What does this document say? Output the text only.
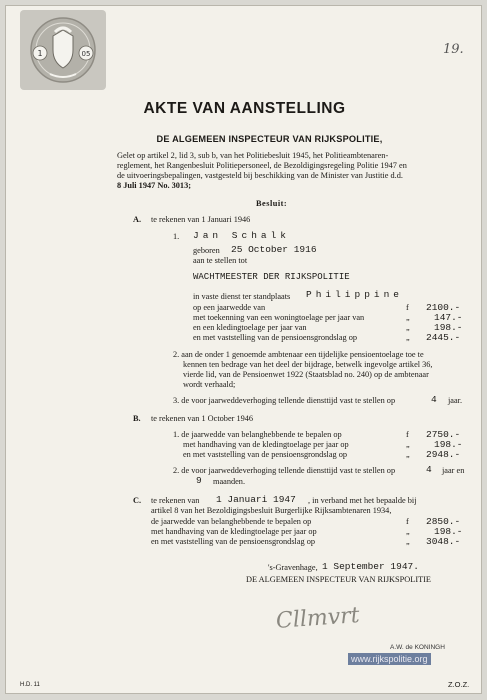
1	05	19.
AKTE VAN AANSTELLING
DE ALGEMEEN INSPECTEUR VAN RIJKSPOLITIE,
Gelet op artikel 2, lid 3, sub b, van het Politiebesluit 1945, het Politieambtenaren-
reglement, het Rangenbesluit Politiepersoneel, de Bezoldigingsregeling Politie 1947 en
de uitvoeringsbepalingen, vastgesteld bij beschikking van de Minister van Justitie d.d.
8 Juli 1947 No. 3013;
Besluit:
A. te rekenen van 1 Januari 1946
1. Jan Schalk
geboren 25 October 1916
aan te stellen tot
WACHTMEESTER DER RIJKSPOLITIE
in vaste dienst ter standplaats Philippine
op een jaarwedde van	f 2100.-
met toekenning van een woningtoelage per jaar van	„	147.-
en een kledingtoelage per jaar van	„	198.-
en met vaststelling van de pensioensgrondslag op	„ 2445.-
2. aan de onder 1 genoemde ambtenaar een tijdelijke pensioentoelage toe te
kennen ten bedrage van het deel der bijdrage, betwelk ingevolge artikel 36,
vierde lid, van de Pensioenwet 1922 (Staatsblad no. 240) op de ambtenaar
wordt verhaald;
3. de voor jaarweddeverhoging tellende diensttijd vast te stellen op	4 jaar.
B. te rekenen van 1 October 1946
1. de jaarwedde van belanghebbende te bepalen op	f 2750.-
met handhaving van de kledingtoelage per jaar op	„	198.-
en met vaststelling van de pensioensgrondslag op	„ 2948.-
2. de voor jaarweddeverhoging tellende diensttijd vast te stellen op	4 jaar en
9 maanden.
C. te rekenen van 1 Januari 1947 , in verband met het bepaalde bij
artikel 8 van het Bezoldigingsbesluit Burgerlijke Rijksambtenaren 1934,
de jaarwedde van belanghebbende te bepalen op	f 2850.-
met handhaving van de kledingtoelage per jaar op	„	198.-
en met vaststelling van de pensioensgrondslag op	„ 3048.-
's-Gravenhage, 1 September 1947.
DE ALGEMEEN INSPECTEUR VAN RIJKSPOLITIE
Cllmvrt
A.W. de KONINGH
www.rijkspolitie.org
H.D. 11	Z.O.Z.
